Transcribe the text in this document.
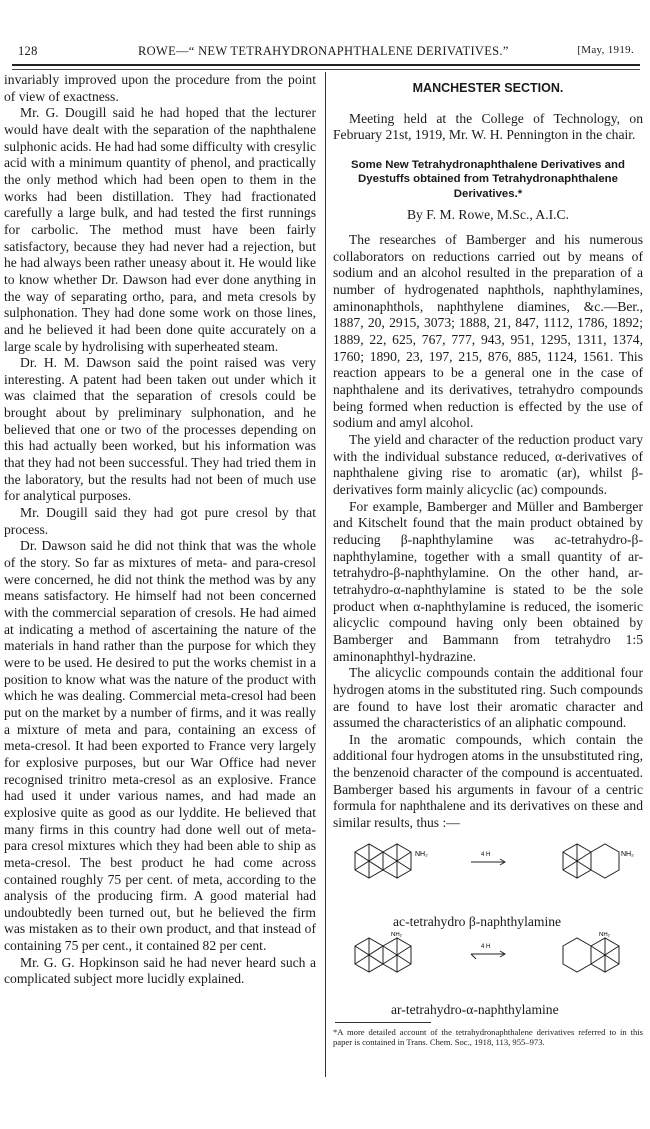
128	ROWE—“ NEW TETRAHYDRONAPHTHALENE DERIVATIVES.”	[May, 1919.

invariably improved upon the procedure from the point of view of exactness.

Mr. G. Dougill said he had hoped that the lecturer would have dealt with the separation of the naphthalene sulphonic acids. He had had some difficulty with cresylic acid with a minimum quantity of phenol, and practically the only method which had been open to them in the works had been distillation. They had fractionated carefully a large bulk, and had tested the first runnings for carbolic. The method must have been fairly satisfactory, because they had never had a rejection, but he had always been rather uneasy about it. He would like to know whether Dr. Dawson had ever done anything in the way of separating ortho, para, and meta cresols by sulphonation. They had done some work on those lines, and he believed it had been done quite accurately on a large scale by hydrolising with superheated steam.

Dr. H. M. Dawson said the point raised was very interesting. A patent had been taken out under which it was claimed that the separation of cresols could be brought about by preliminary sulphonation, and he believed that one or two of the processes depending on this had actually been worked, but his information was that they had not been successful. They had tried them in the laboratory, but the results had not been of much use for analytical purposes.

Mr. Dougill said they had got pure cresol by that process.

Dr. Dawson said he did not think that was the whole of the story. So far as mixtures of meta- and para-cresol were concerned, he did not think the method was by any means satisfactory. He himself had not been concerned with the commercial separation of cresols. He had aimed at indicating a method of ascertaining the nature of the materials in hand rather than the purpose for which they were to be used. He desired to put the works chemist in a position to know what was the nature of the product with which he was dealing. Commercial meta-cresol had been put on the market by a number of firms, and it was really a mixture of meta and para, containing an excess of meta-cresol. It had been exported to France very largely for explosive purposes, but our War Office had never recognised trinitro meta-cresol as an explosive. France had used it under various names, and had made an explosive quite as good as our lyddite. He believed that many firms in this country had done well out of meta-para cresol mixtures which they had been able to ship as meta-cresol. The best product he had come across contained roughly 75 per cent. of meta, according to the analysis of the producing firm. A good material had undoubtedly been turned out, but he believed the firm was mistaken as to their own product, and that instead of containing 75 per cent., it contained 82 per cent.

Mr. G. G. Hopkinson said he had never heard such a complicated subject more lucidly explained.

MANCHESTER SECTION.

Meeting held at the College of Technology, on February 21st, 1919, Mr. W. H. Pennington in the chair.

Some New Tetrahydronaphthalene Derivatives and Dyestuffs obtained from Tetrahydronaphthalene Derivatives.*

By F. M. Rowe, M.Sc., A.I.C.

The researches of Bamberger and his numerous collaborators on reductions carried out by means of sodium and an alcohol resulted in the preparation of a number of hydrogenated naphthols, naphthylamines, aminonaphthols, naphthylene diamines, &c.—Ber., 1887, 20, 2915, 3073; 1888, 21, 847, 1112, 1786, 1892; 1889, 22, 625, 767, 777, 943, 951, 1295, 1311, 1374, 1760; 1890, 23, 197, 215, 876, 885, 1124, 1561. This reaction appears to be a general one in the case of naphthalene and its derivatives, tetrahydro compounds being formed when reduction is effected by the use of sodium and amyl alcohol.

The yield and character of the reduction product vary with the individual substance reduced, α-derivatives of naphthalene giving rise to aromatic (ar), whilst β-derivatives form mainly alicyclic (ac) compounds.

For example, Bamberger and Müller and Bamberger and Kitschelt found that the main product obtained by reducing β-naphthylamine was ac-tetrahydro-β-naphthylamine, together with a small quantity of ar-tetrahydro-β-naphthylamine. On the other hand, ar-tetrahydro-α-naphthylamine is stated to be the sole product when α-naphthylamine is reduced, the isomeric alicyclic compound having only been obtained by Bamberger and Bammann from tetrahydro 1:5 aminonaphthyl-hydrazine.

The alicyclic compounds contain the additional four hydrogen atoms in the substituted ring. Such compounds are found to have lost their aromatic character and assumed the characteristics of an aliphatic compound.

In the aromatic compounds, which contain the additional four hydrogen atoms in the unsubstituted ring, the benzenoid character of the compound is accentuated. Bamberger based his arguments in favour of a centric formula for naphthalene and its derivatives on these and similar results, thus :—

4 H
NH₂	NH₂
ac-tetrahydro β-naphthylamine
4 H
NH₂	NH₂
ar-tetrahydro-α-naphthylamine

*A more detailed account of the tetrahydronaphthalene derivatives referred to in this paper is contained in Trans. Chem. Soc., 1918, 113, 955–973.
